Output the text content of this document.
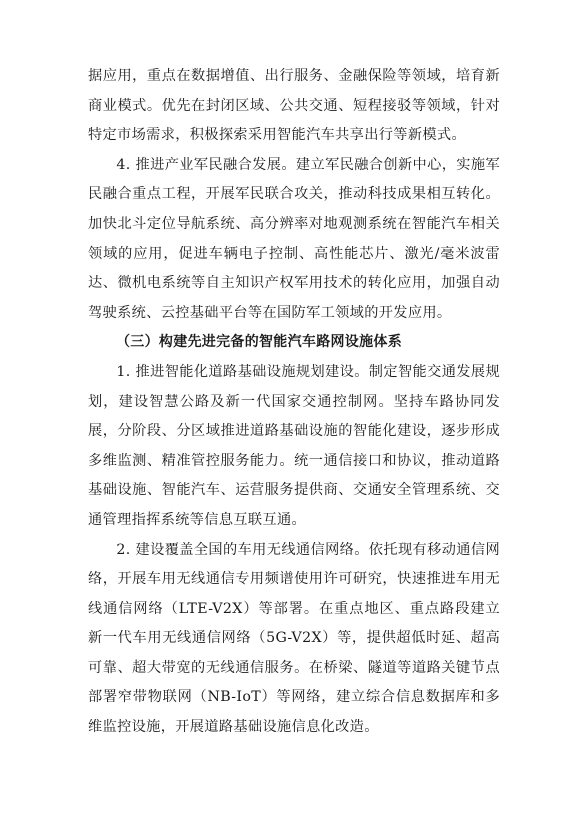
据应用，重点在数据增值、出行服务、金融保险等领域，培育新商业模式。优先在封闭区域、公共交通、短程接驳等领域，针对特定市场需求，积极探索采用智能汽车共享出行等新模式。

4. 推进产业军民融合发展。建立军民融合创新中心，实施军民融合重点工程，开展军民联合攻关，推动科技成果相互转化。加快北斗定位导航系统、高分辨率对地观测系统在智能汽车相关领域的应用，促进车辆电子控制、高性能芯片、激光/毫米波雷达、微机电系统等自主知识产权军用技术的转化应用，加强自动驾驶系统、云控基础平台等在国防军工领域的开发应用。

（三）构建先进完备的智能汽车路网设施体系

1. 推进智能化道路基础设施规划建设。制定智能交通发展规划，建设智慧公路及新一代国家交通控制网。坚持车路协同发展，分阶段、分区域推进道路基础设施的智能化建设，逐步形成多维监测、精准管控服务能力。统一通信接口和协议，推动道路基础设施、智能汽车、运营服务提供商、交通安全管理系统、交通管理指挥系统等信息互联互通。

2. 建设覆盖全国的车用无线通信网络。依托现有移动通信网络，开展车用无线通信专用频谱使用许可研究，快速推进车用无线通信网络（LTE-V2X）等部署。在重点地区、重点路段建立新一代车用无线通信网络（5G-V2X）等，提供超低时延、超高可靠、超大带宽的无线通信服务。在桥梁、隧道等道路关键节点部署窄带物联网（NB-IoT）等网络，建立综合信息数据库和多维监控设施，开展道路基础设施信息化改造。
